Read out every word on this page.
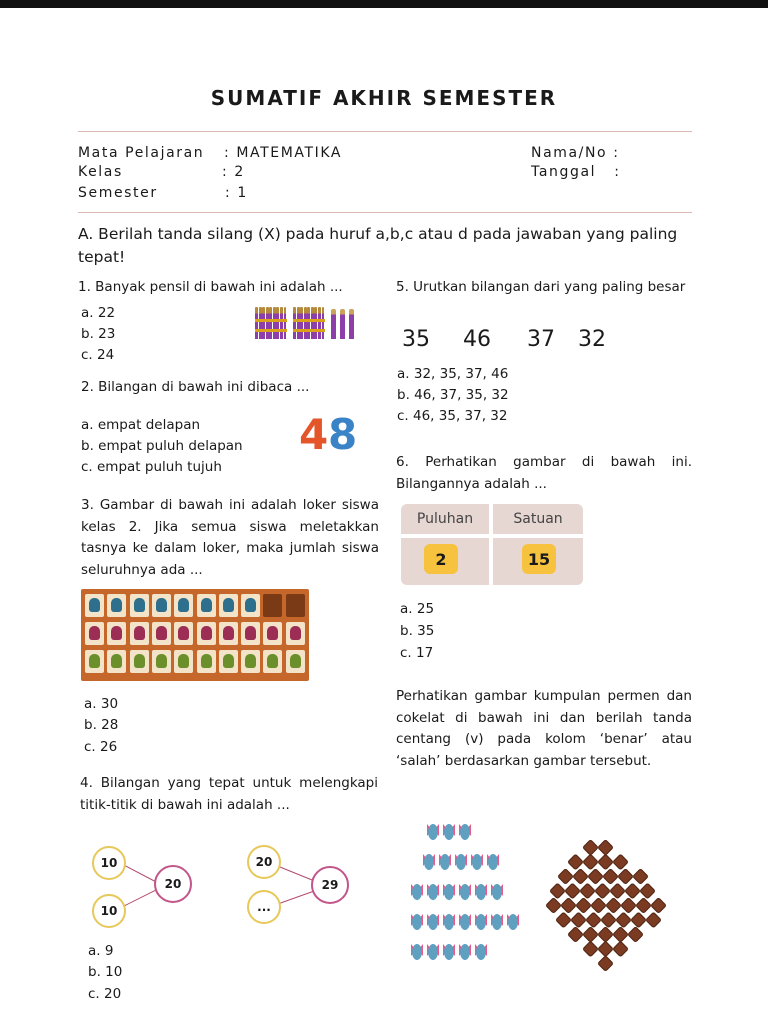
SUMATIF AKHIR SEMESTER
Mata Pelajaran : MATEMATIKA
Kelas	: 2
Semester	: 1
Nama/No :
Tanggal   :
A. Berilah tanda silang (X) pada huruf a,b,c atau d pada jawaban yang paling tepat!
1. Banyak pensil di bawah ini adalah ...
a. 22
b. 23
c. 24
2. Bilangan di bawah ini dibaca ...
a. empat delapan
b. empat puluh delapan
c. empat puluh tujuh
4 8
3. Gambar di bawah ini adalah loker siswa kelas 2. Jika semua siswa meletakkan tasnya ke dalam loker, maka jumlah siswa seluruhnya ada ...
a. 30
b. 28
c. 26
4. Bilangan yang tepat untuk melengkapi titik-titik di bawah ini adalah ...
10
10
20
20
...
29
a. 9
b. 10
c. 20
5. Urutkan bilangan dari yang paling besar
35 46 37 32
a. 32, 35, 37, 46
b. 46, 37, 35, 32
c. 46, 35, 37, 32
6. Perhatikan gambar di bawah ini. Bilangannya adalah ...
Puluhan	Satuan
2	15
a. 25
b. 35
c. 17
Perhatikan gambar kumpulan permen dan cokelat di bawah ini dan berilah tanda centang (v) pada kolom ‘benar’ atau ‘salah’ berdasarkan gambar tersebut.
